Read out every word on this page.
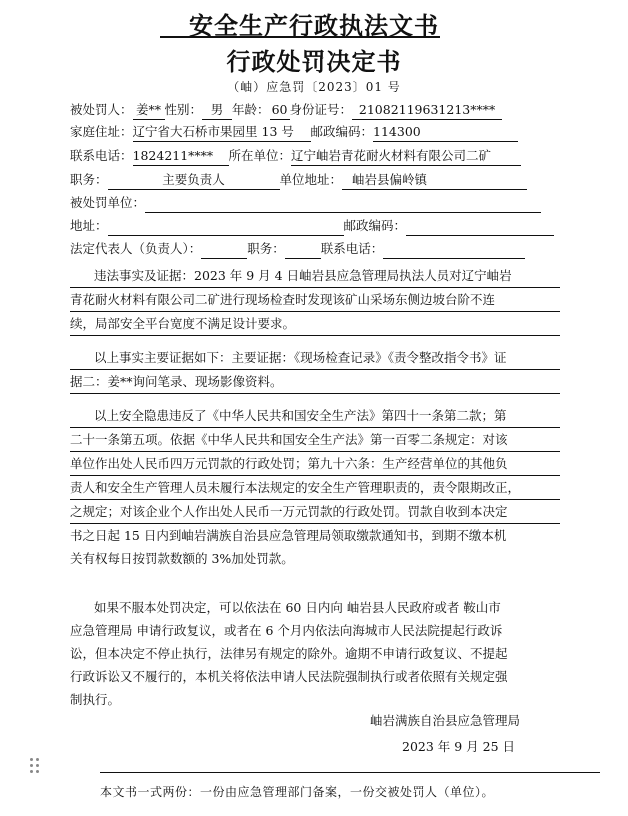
安全生产行政执法文书
行政处罚决定书
（岫）应急罚〔2023〕01 号
被处罚人： 姜** 性别： 男 年龄： 60 身份证号： 21082119631213****
家庭住址：辽宁省大石桥市果园里 13 号 邮政编码：114300
联系电话：1824211**** 所在单位：辽宁岫岩青花耐火材料有限公司二矿
职务：	主要负责人	单位地址： 岫岩县偏岭镇
被处罚单位：
地址：	邮政编码：
法定代表人（负责人）：	职务：	联系电话：
违法事实及证据：2023 年 9 月 4 日岫岩县应急管理局执法人员对辽宁岫岩
青花耐火材料有限公司二矿进行现场检查时发现该矿山采场东侧边坡台阶不连
续，局部安全平台宽度不满足设计要求。
以上事实主要证据如下：主要证据：《现场检查记录》《责令整改指令书》证
据二：姜**询问笔录、现场影像资料。
以上安全隐患违反了《中华人民共和国安全生产法》第四十一条第二款；第
二十一条第五项。依据《中华人民共和国安全生产法》第一百零二条规定：对该
单位作出处人民币四万元罚款的行政处罚；第九十六条：生产经营单位的其他负
责人和安全生产管理人员未履行本法规定的安全生产管理职责的，责令限期改正，
之规定；对该企业个人作出处人民币一万元罚款的行政处罚。罚款自收到本决定
书之日起 15 日内到岫岩满族自治县应急管理局领取缴款通知书，到期不缴本机
关有权每日按罚款数额的 3%加处罚款。
如果不服本处罚决定，可以依法在 60 日内向 岫岩县人民政府或者 鞍山市
应急管理局 申请行政复议，或者在 6 个月内依法向海城市人民法院提起行政诉
讼，但本决定不停止执行，法律另有规定的除外。逾期不申请行政复议、不提起
行政诉讼又不履行的，本机关将依法申请人民法院强制执行或者依照有关规定强
制执行。
岫岩满族自治县应急管理局
2023 年 9 月 25 日
本文书一式两份：一份由应急管理部门备案，一份交被处罚人（单位）。
